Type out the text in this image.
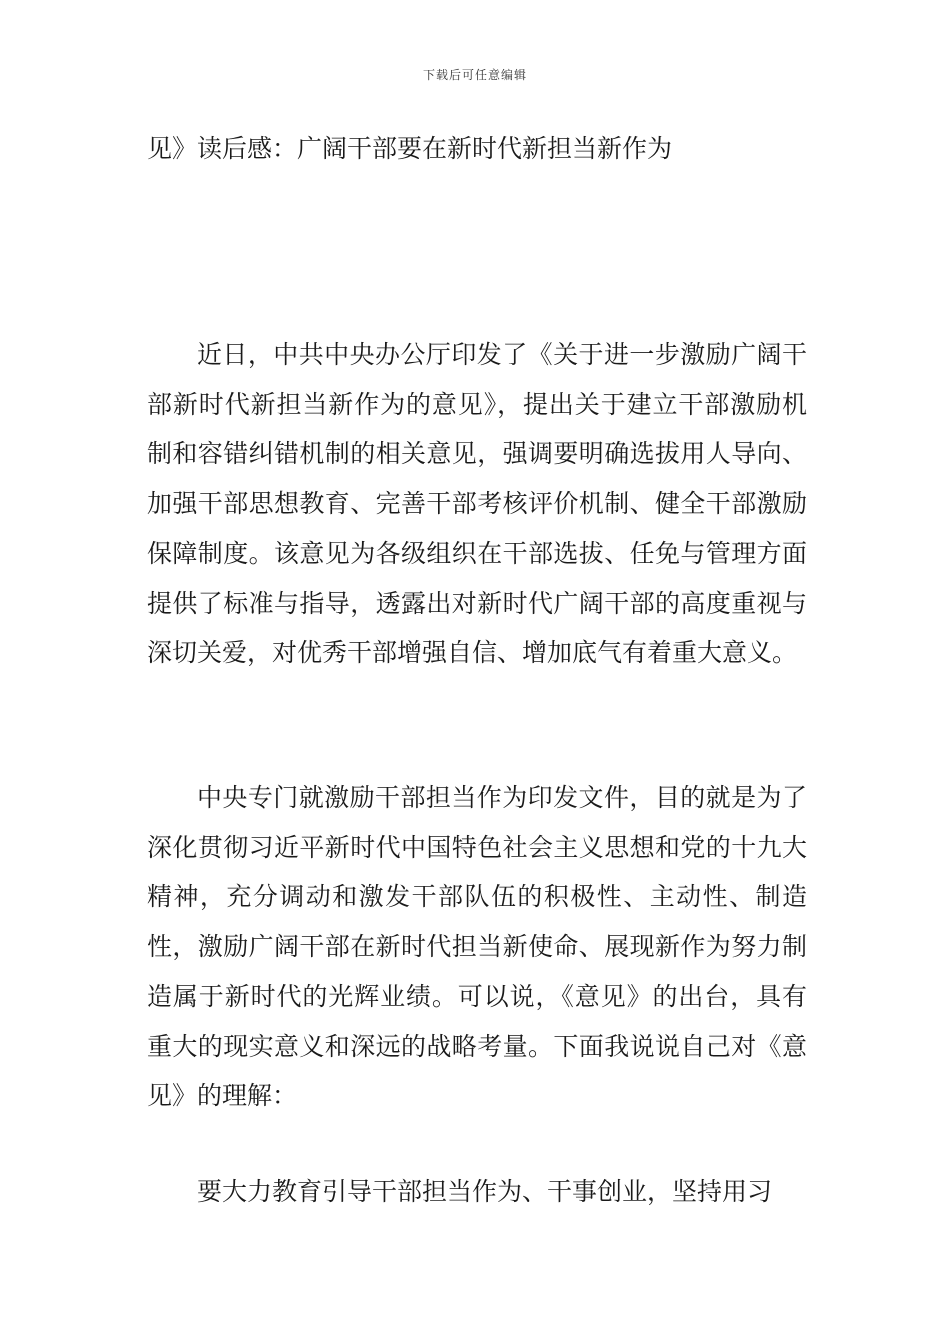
下载后可任意编辑
见》读后感：广阔干部要在新时代新担当新作为

近日，中共中央办公厅印发了《关于进一步激励广阔干部新时代新担当新作为的意见》，提出关于建立干部激励机制和容错纠错机制的相关意见，强调要明确选拔用人导向、加强干部思想教育、完善干部考核评价机制、健全干部激励保障制度。该意见为各级组织在干部选拔、任免与管理方面提供了标准与指导，透露出对新时代广阔干部的高度重视与深切关爱，对优秀干部增强自信、增加底气有着重大意义。

中央专门就激励干部担当作为印发文件，目的就是为了深化贯彻习近平新时代中国特色社会主义思想和党的十九大精神，充分调动和激发干部队伍的积极性、主动性、制造性，激励广阔干部在新时代担当新使命、展现新作为努力制造属于新时代的光辉业绩。可以说，《意见》的出台，具有重大的现实意义和深远的战略考量。下面我说说自己对《意见》的理解：

要大力教育引导干部担当作为、干事创业，坚持用习
